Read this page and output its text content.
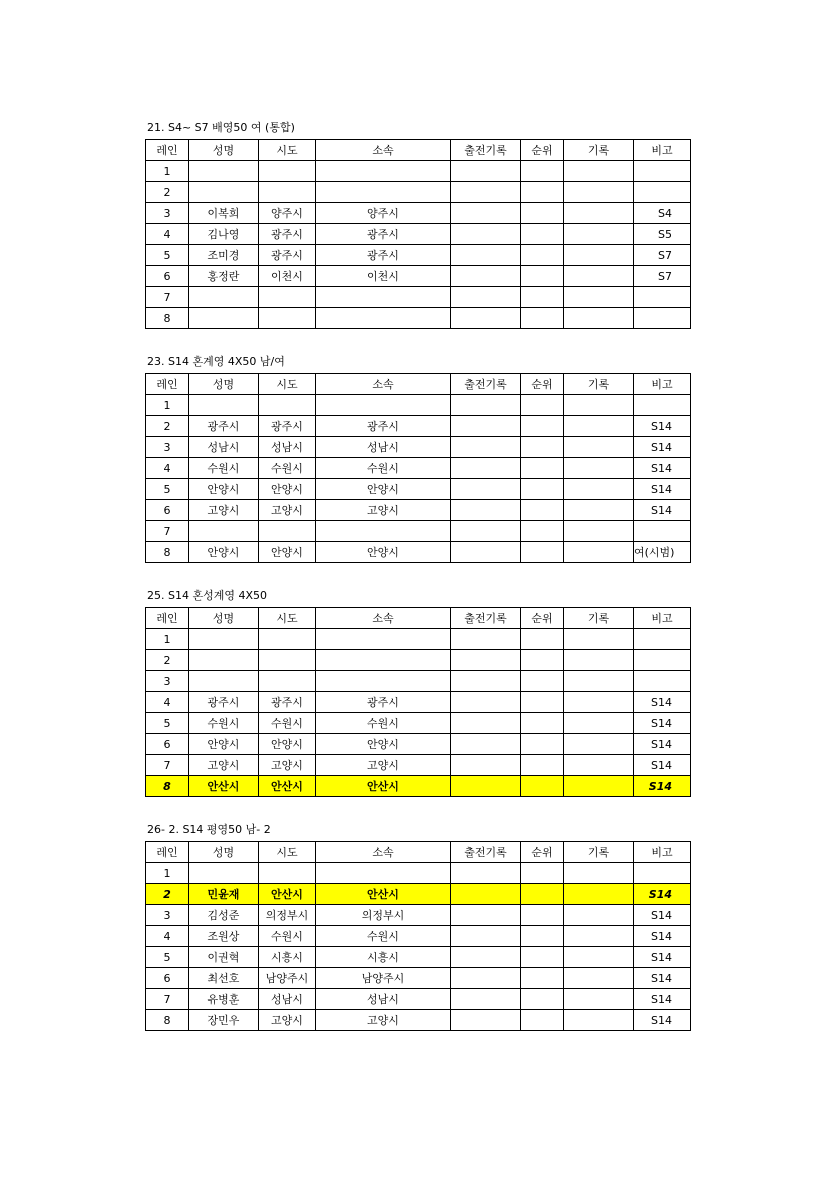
21. S4~ S7 배영50 여 (통합)
레인	성명	시도	소속	출전기록	순위	기록	비고
1							
2							
3	이복희	양주시	양주시				S4
4	김나영	광주시	광주시				S5
5	조미경	광주시	광주시				S7
6	홍정란	이천시	이천시				S7
7							
8							
23. S14 혼계영 4X50 남/여
레인	성명	시도	소속	출전기록	순위	기록	비고
1							
2	광주시	광주시	광주시				S14
3	성남시	성남시	성남시				S14
4	수원시	수원시	수원시				S14
5	안양시	안양시	안양시				S14
6	고양시	고양시	고양시				S14
7							
8	안양시	안양시	안양시				여(시범)
25. S14 혼성계영 4X50
레인	성명	시도	소속	출전기록	순위	기록	비고
1							
2							
3							
4	광주시	광주시	광주시				S14
5	수원시	수원시	수원시				S14
6	안양시	안양시	안양시				S14
7	고양시	고양시	고양시				S14
8	안산시	안산시	안산시				S14
26- 2. S14 평영50 남- 2
레인	성명	시도	소속	출전기록	순위	기록	비고
1							
2	민윤재	안산시	안산시				S14
3	김성준	의정부시	의정부시				S14
4	조원상	수원시	수원시				S14
5	이권혁	시흥시	시흥시				S14
6	최선호	남양주시	남양주시				S14
7	유병훈	성남시	성남시				S14
8	장민우	고양시	고양시				S14
